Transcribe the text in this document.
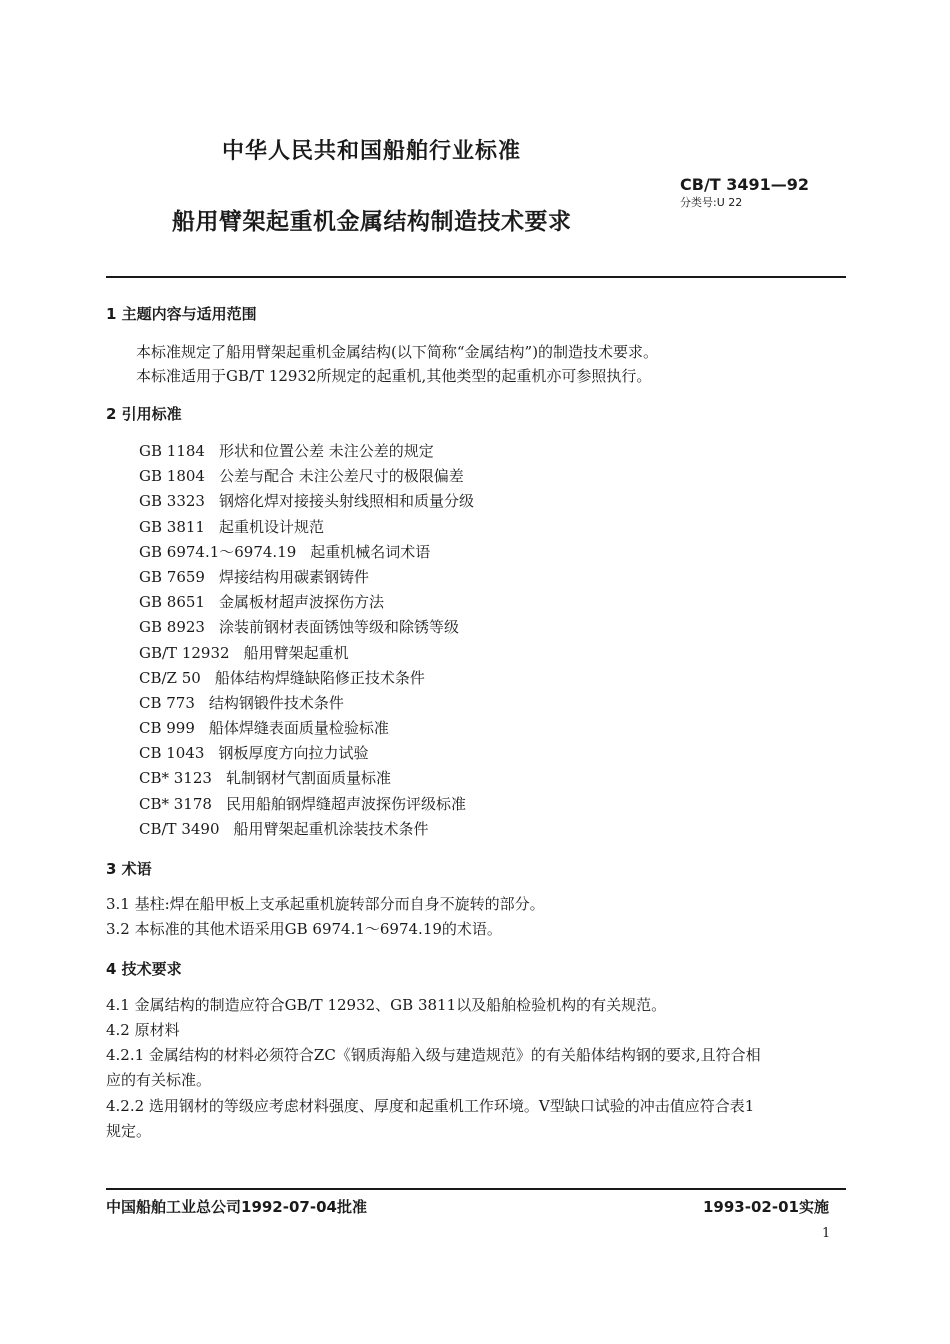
中华人民共和国船舶行业标准
CB/T 3491—92
分类号:U 22
船用臂架起重机金属结构制造技术要求
1 主题内容与适用范围
本标准规定了船用臂架起重机金属结构(以下简称“金属结构”)的制造技术要求。
本标准适用于GB/T 12932所规定的起重机,其他类型的起重机亦可参照执行。
2 引用标准
GB 1184 形状和位置公差 未注公差的规定
GB 1804 公差与配合 未注公差尺寸的极限偏差
GB 3323 钢熔化焊对接接头射线照相和质量分级
GB 3811 起重机设计规范
GB 6974.1～6974.19 起重机械名词术语
GB 7659 焊接结构用碳素钢铸件
GB 8651 金属板材超声波探伤方法
GB 8923 涂装前钢材表面锈蚀等级和除锈等级
GB/T 12932 船用臂架起重机
CB/Z 50 船体结构焊缝缺陷修正技术条件
CB 773 结构钢锻件技术条件
CB 999 船体焊缝表面质量检验标准
CB 1043 钢板厚度方向拉力试验
CB* 3123 轧制钢材气割面质量标准
CB* 3178 民用船舶钢焊缝超声波探伤评级标准
CB/T 3490 船用臂架起重机涂装技术条件
3 术语
3.1 基柱:焊在船甲板上支承起重机旋转部分而自身不旋转的部分。
3.2 本标准的其他术语采用GB 6974.1～6974.19的术语。
4 技术要求
4.1 金属结构的制造应符合GB/T 12932、GB 3811以及船舶检验机构的有关规范。
4.2 原材料
4.2.1 金属结构的材料必须符合ZC《钢质海船入级与建造规范》的有关船体结构钢的要求,且符合相
应的有关标准。
4.2.2 选用钢材的等级应考虑材料强度、厚度和起重机工作环境。V型缺口试验的冲击值应符合表1
规定。
中国船舶工业总公司1992-07-04批准	1993-02-01实施
1
